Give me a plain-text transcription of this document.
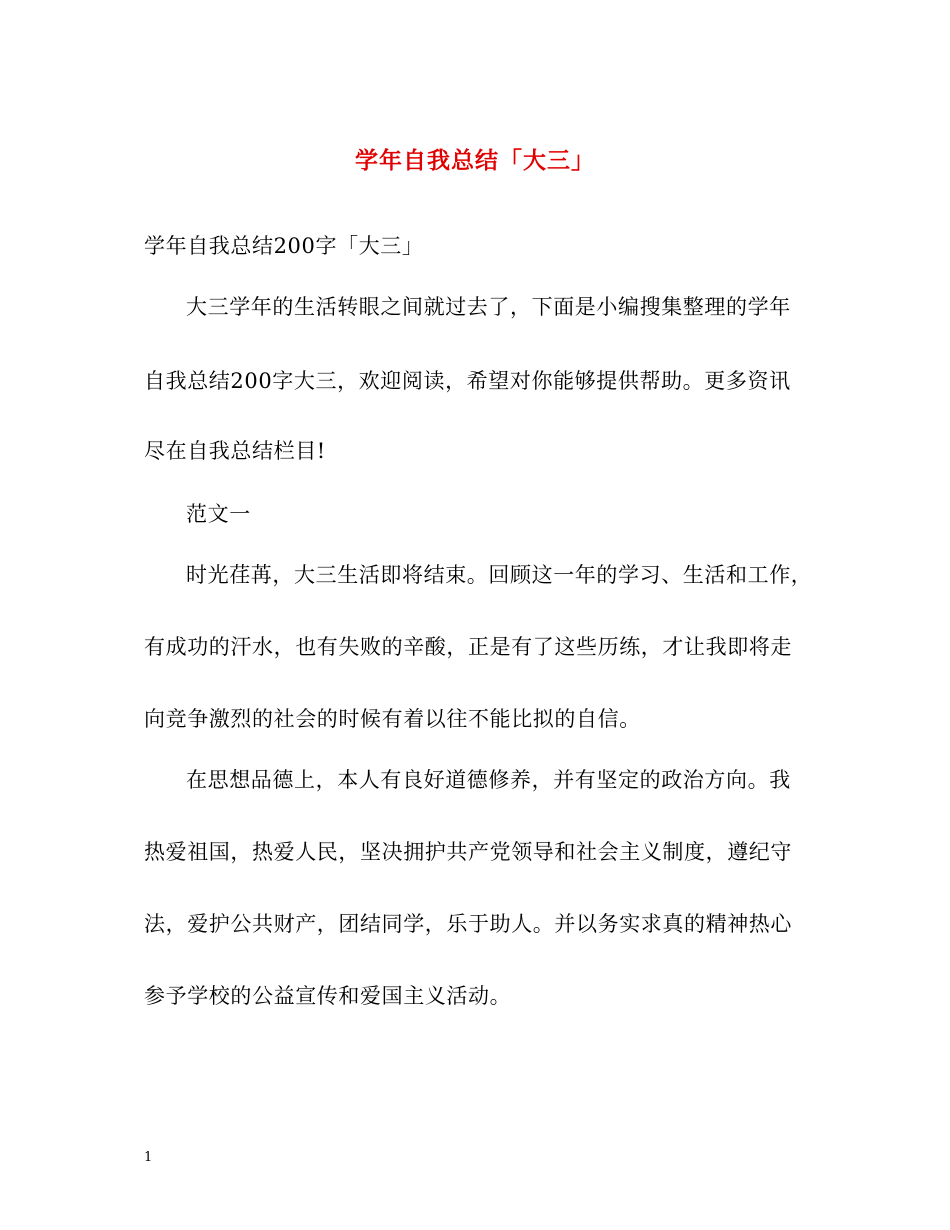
学年自我总结「大三」
学年自我总结200字「大三」
大三学年的生活转眼之间就过去了，下面是小编搜集整理的学年
自我总结200字大三，欢迎阅读，希望对你能够提供帮助。更多资讯
尽在自我总结栏目!
范文一
时光荏苒，大三生活即将结束。回顾这一年的学习、生活和工作，
有成功的汗水，也有失败的辛酸，正是有了这些历练，才让我即将走
向竞争激烈的社会的时候有着以往不能比拟的自信。
在思想品德上，本人有良好道德修养，并有坚定的政治方向。我
热爱祖国，热爱人民，坚决拥护共产党领导和社会主义制度，遵纪守
法，爱护公共财产，团结同学，乐于助人。并以务实求真的精神热心
参予学校的公益宣传和爱国主义活动。
1
